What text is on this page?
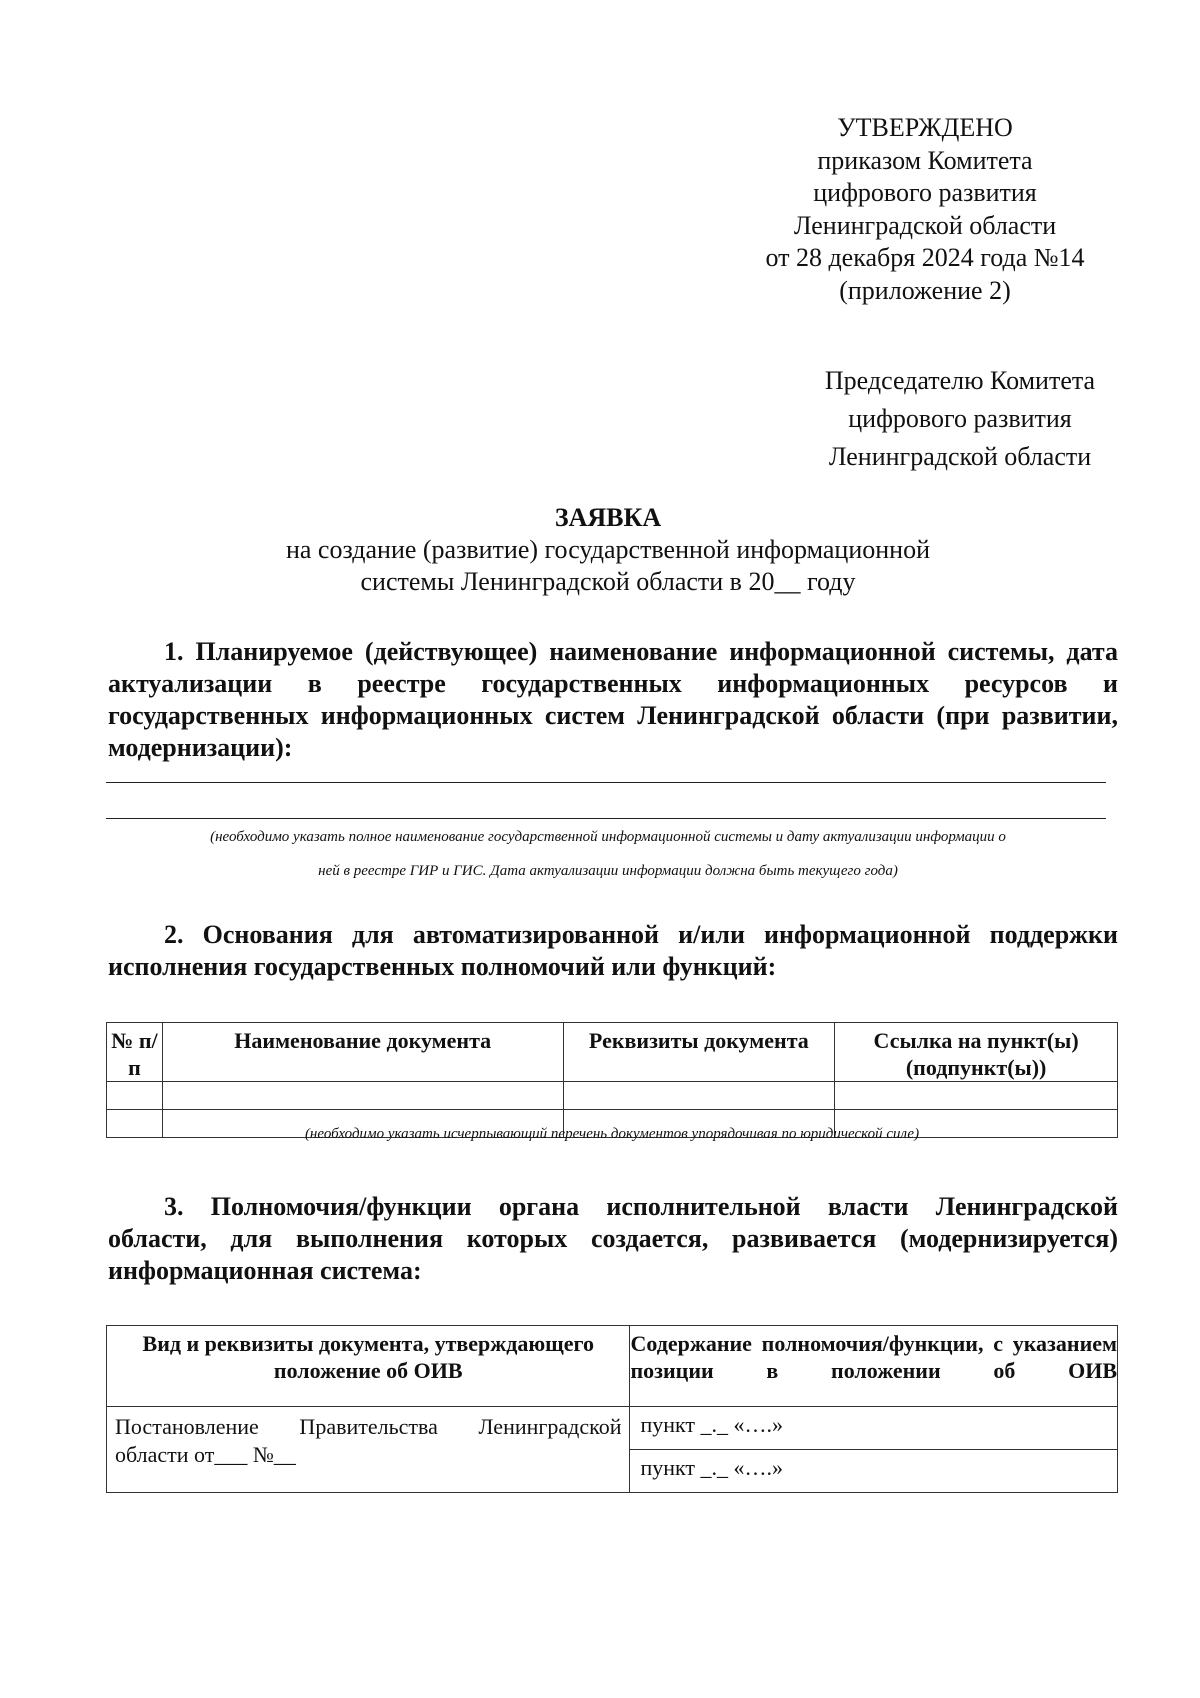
УТВЕРЖДЕНО
приказом Комитета
цифрового развития
Ленинградской области
от 28 декабря 2024 года №14
(приложение 2)
Председателю Комитета
цифрового развития
Ленинградской области
ЗАЯВКА
на создание (развитие) государственной информационной
системы Ленинградской области в 20__ году

1. Планируемое (действующее) наименование информационной системы, дата актуализации в реестре государственных информационных ресурсов и государственных информационных систем Ленинградской области (при развитии, модернизации):

(необходимо указать полное наименование государственной информационной системы и дату актуализации информации о
ней в реестре ГИР и ГИС. Дата актуализации информации должна быть текущего года)

2. Основания для автоматизированной и/или информационной поддержки исполнения государственных полномочий или функций:

№ п/п	Наименование документа	Реквизиты документа	Ссылка на пункт(ы) (подпункт(ы))

(необходимо указать исчерпывающий перечень документов упорядочивая по юридической силе)

3. Полномочия/функции органа исполнительной власти Ленинградской области, для выполнения которых создается, развивается (модернизируется) информационная система:

Вид и реквизиты документа, утверждающего положение об ОИВ	Содержание полномочия/функции, с указанием позиции в положении об ОИВ
Постановление Правительства Ленинградской области от___ №__	пункт _._ «….»
	пункт _._ «….»
